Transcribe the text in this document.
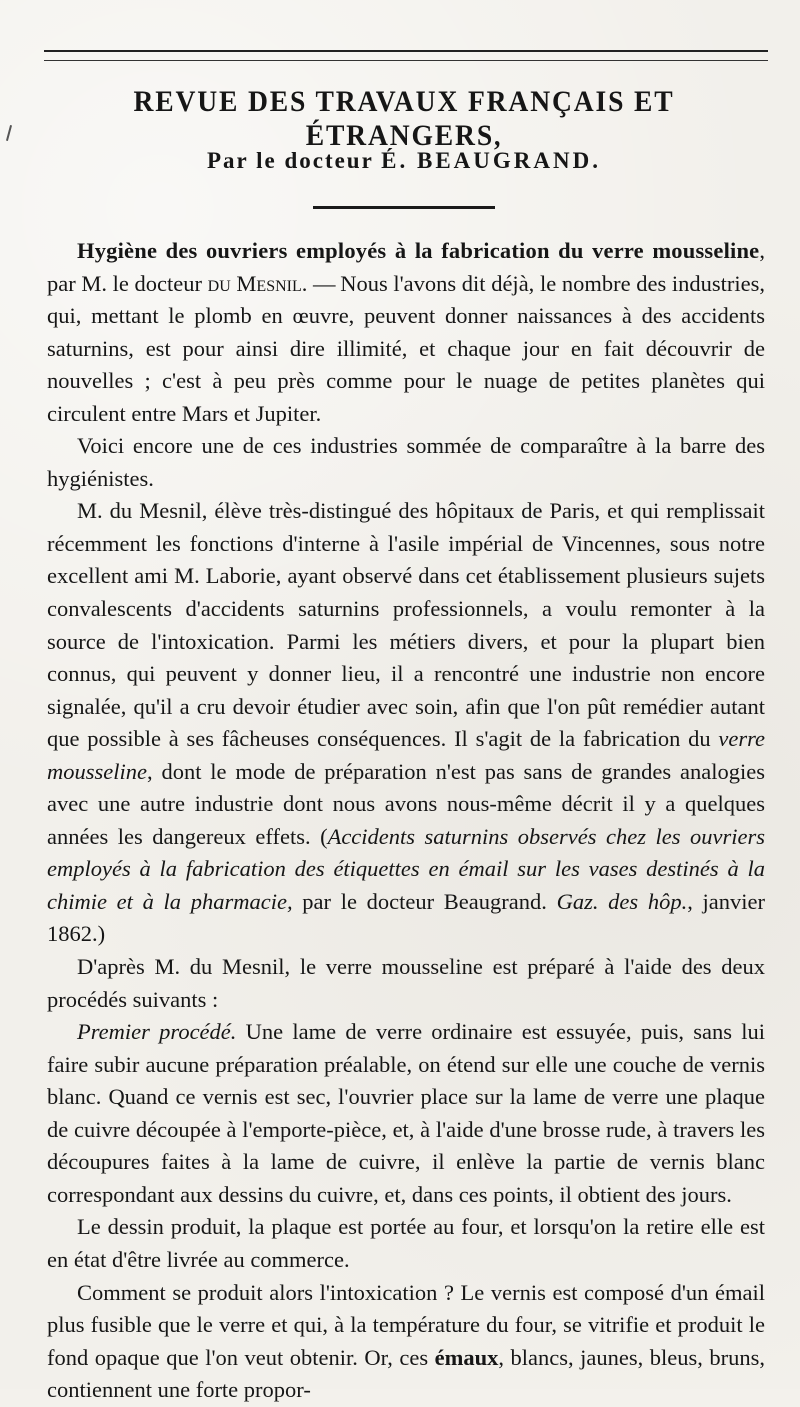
REVUE DES TRAVAUX FRANÇAIS ET ÉTRANGERS,
Par le docteur É. BEAUGRAND.

Hygiène des ouvriers employés à la fabrication du verre mousseline, par M. le docteur du Mesnil. — Nous l'avons dit déjà, le nombre des industries, qui, mettant le plomb en œuvre, peuvent donner naissances à des accidents saturnins, est pour ainsi dire illimité, et chaque jour en fait découvrir de nouvelles ; c'est à peu près comme pour le nuage de petites planètes qui circulent entre Mars et Jupiter.

Voici encore une de ces industries sommée de comparaître à la barre des hygiénistes.

M. du Mesnil, élève très-distingué des hôpitaux de Paris, et qui remplissait récemment les fonctions d'interne à l'asile impérial de Vincennes, sous notre excellent ami M. Laborie, ayant observé dans cet établissement plusieurs sujets convalescents d'accidents saturnins professionnels, a voulu remonter à la source de l'intoxication. Parmi les métiers divers, et pour la plupart bien connus, qui peuvent y donner lieu, il a rencontré une industrie non encore signalée, qu'il a cru devoir étudier avec soin, afin que l'on pût remédier autant que possible à ses fâcheuses conséquences. Il s'agit de la fabrication du verre mousseline, dont le mode de préparation n'est pas sans de grandes analogies avec une autre industrie dont nous avons nous-même décrit il y a quelques années les dangereux effets. (Accidents saturnins observés chez les ouvriers employés à la fabrication des étiquettes en émail sur les vases destinés à la chimie et à la pharmacie, par le docteur Beaugrand. Gaz. des hôp., janvier 1862.)

D'après M. du Mesnil, le verre mousseline est préparé à l'aide des deux procédés suivants :

Premier procédé. Une lame de verre ordinaire est essuyée, puis, sans lui faire subir aucune préparation préalable, on étend sur elle une couche de vernis blanc. Quand ce vernis est sec, l'ouvrier place sur la lame de verre une plaque de cuivre découpée à l'emporte-pièce, et, à l'aide d'une brosse rude, à travers les découpures faites à la lame de cuivre, il enlève la partie de vernis blanc correspondant aux dessins du cuivre, et, dans ces points, il obtient des jours.

Le dessin produit, la plaque est portée au four, et lorsqu'on la retire elle est en état d'être livrée au commerce.

Comment se produit alors l'intoxication ? Le vernis est composé d'un émail plus fusible que le verre et qui, à la température du four, se vitrifie et produit le fond opaque que l'on veut obtenir. Or, ces émaux, blancs, jaunes, bleus, bruns, contiennent une forte propor-
